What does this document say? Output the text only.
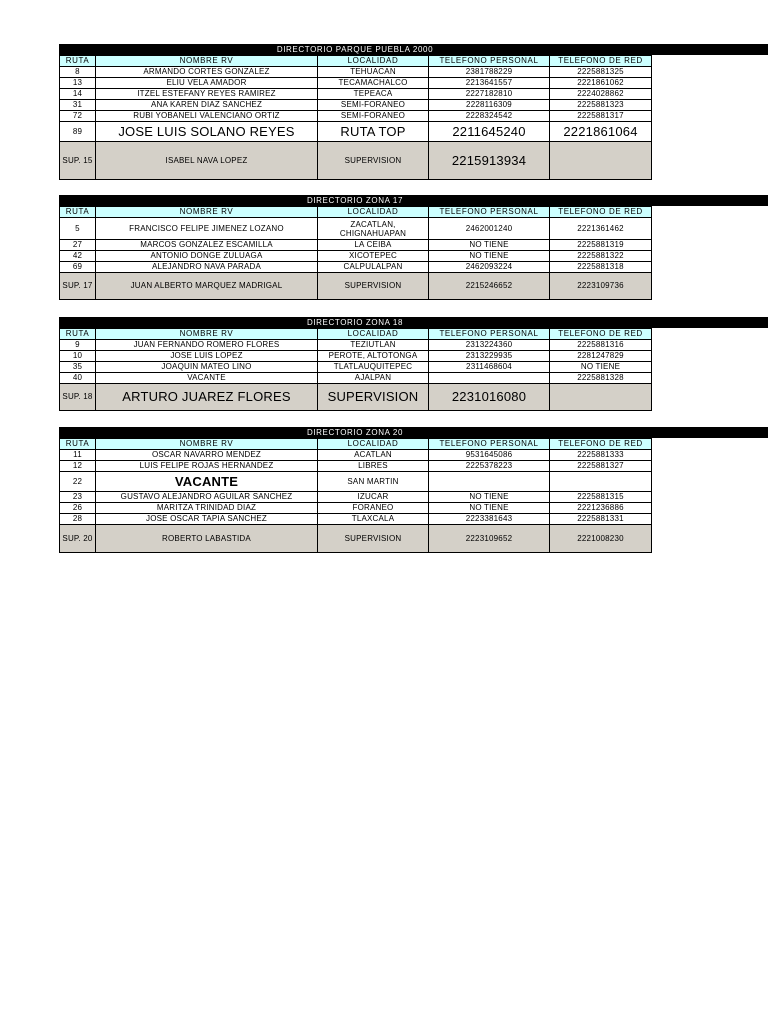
DIRECTORIO PARQUE PUEBLA 2000
RUTA	NOMBRE RV	LOCALIDAD	TELEFONO PERSONAL	TELEFONO DE RED
8	ARMANDO CORTES GONZALEZ	TEHUACAN	2381788229	2225881325
13	ELIU VELA AMADOR	TECAMACHALCO	2213641557	2221861062
14	ITZEL ESTEFANY REYES RAMIREZ	TEPEACA	2227182810	2224028862
31	ANA KAREN DIAZ SANCHEZ	SEMI-FORANEO	2228116309	2225881323
72	RUBI YOBANELI VALENCIANO ORTIZ	SEMI-FORANEO	2228324542	2225881317
89	JOSE LUIS SOLANO REYES	RUTA TOP	2211645240	2221861064
SUP. 15	ISABEL NAVA LOPEZ	SUPERVISION	2215913934	
DIRECTORIO ZONA 17
RUTA	NOMBRE RV	LOCALIDAD	TELEFONO PERSONAL	TELEFONO DE RED
5	FRANCISCO FELIPE JIMENEZ LOZANO	ZACATLAN, CHIGNAHUAPAN	2462001240	2221361462
27	MARCOS GONZALEZ ESCAMILLA	LA CEIBA	NO TIENE	2225881319
42	ANTONIO DONGE ZULUAGA	XICOTEPEC	NO TIENE	2225881322
69	ALEJANDRO NAVA PARADA	CALPULALPAN	2462093224	2225881318
SUP. 17	JUAN ALBERTO MARQUEZ MADRIGAL	SUPERVISION	2215246652	2223109736
DIRECTORIO ZONA 18
RUTA	NOMBRE RV	LOCALIDAD	TELEFONO PERSONAL	TELEFONO DE RED
9	JUAN FERNANDO ROMERO FLORES	TEZIUTLAN	2313224360	2225881316
10	JOSE LUIS LOPEZ	PEROTE, ALTOTONGA	2313229935	2281247829
35	JOAQUIN MATEO LINO	TLATLAUQUITEPEC	2311468604	NO TIENE
40	VACANTE	AJALPAN		2225881328
SUP. 18	ARTURO JUAREZ FLORES	SUPERVISION	2231016080	
DIRECTORIO ZONA 20
RUTA	NOMBRE RV	LOCALIDAD	TELEFONO PERSONAL	TELEFONO DE RED
11	OSCAR NAVARRO MENDEZ	ACATLAN	9531645086	2225881333
12	LUIS FELIPE ROJAS HERNANDEZ	LIBRES	2225378223	2225881327
22	VACANTE	SAN MARTIN		
23	GUSTAVO ALEJANDRO AGUILAR SANCHEZ	IZUCAR	NO TIENE	2225881315
26	MARITZA TRINIDAD DIAZ	FORANEO	NO TIENE	2221236886
28	JOSE OSCAR TAPIA SANCHEZ	TLAXCALA	2223381643	2225881331
SUP. 20	ROBERTO LABASTIDA	SUPERVISION	2223109652	2221008230
